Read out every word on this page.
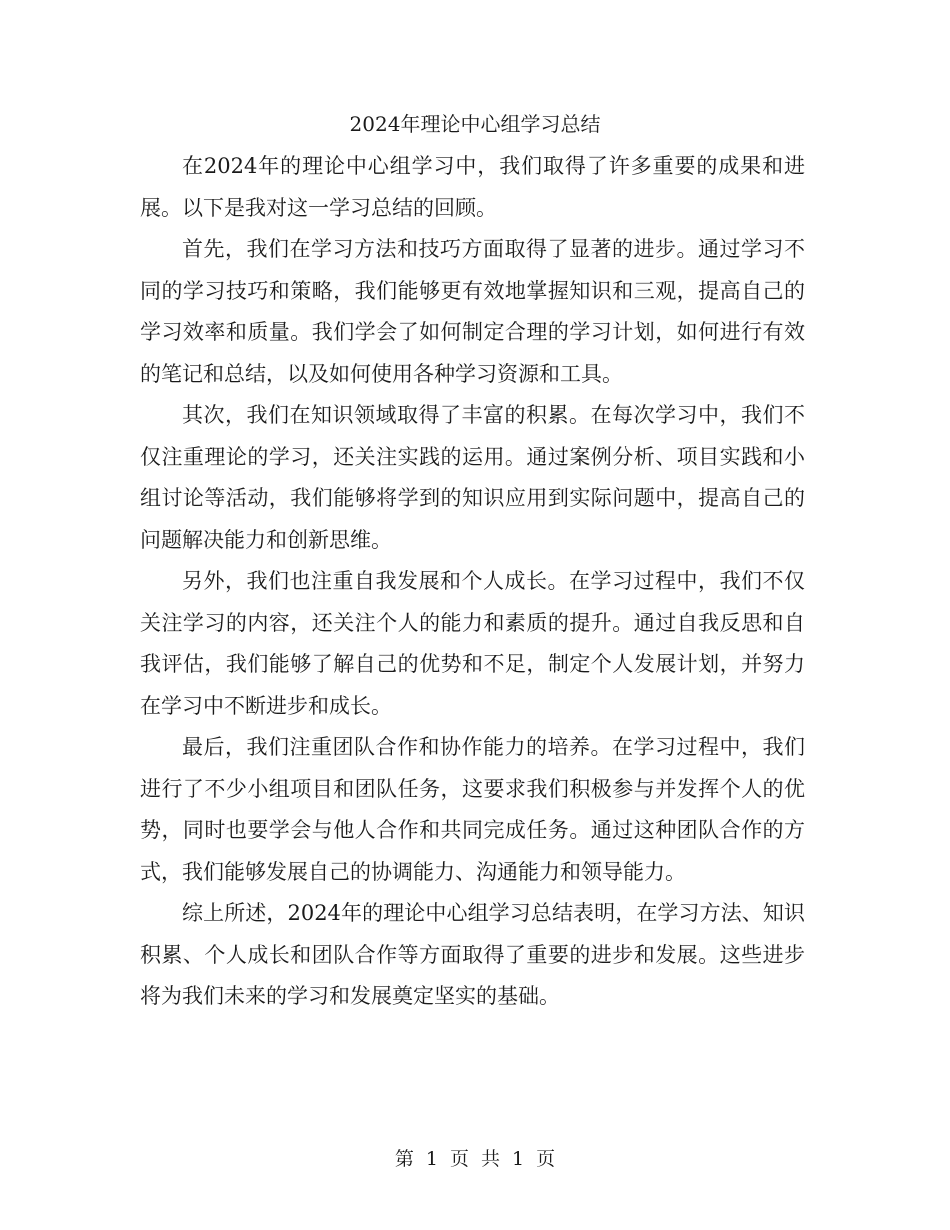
2024年理论中心组学习总结

在2024年的理论中心组学习中，我们取得了许多重要的成果和进展。以下是我对这一学习总结的回顾。

首先，我们在学习方法和技巧方面取得了显著的进步。通过学习不同的学习技巧和策略，我们能够更有效地掌握知识和三观，提高自己的学习效率和质量。我们学会了如何制定合理的学习计划，如何进行有效的笔记和总结，以及如何使用各种学习资源和工具。

其次，我们在知识领域取得了丰富的积累。在每次学习中，我们不仅注重理论的学习，还关注实践的运用。通过案例分析、项目实践和小组讨论等活动，我们能够将学到的知识应用到实际问题中，提高自己的问题解决能力和创新思维。

另外，我们也注重自我发展和个人成长。在学习过程中，我们不仅关注学习的内容，还关注个人的能力和素质的提升。通过自我反思和自我评估，我们能够了解自己的优势和不足，制定个人发展计划，并努力在学习中不断进步和成长。

最后，我们注重团队合作和协作能力的培养。在学习过程中，我们进行了不少小组项目和团队任务，这要求我们积极参与并发挥个人的优势，同时也要学会与他人合作和共同完成任务。通过这种团队合作的方式，我们能够发展自己的协调能力、沟通能力和领导能力。

综上所述，2024年的理论中心组学习总结表明，在学习方法、知识积累、个人成长和团队合作等方面取得了重要的进步和发展。这些进步将为我们未来的学习和发展奠定坚实的基础。

第 1 页 共 1 页
